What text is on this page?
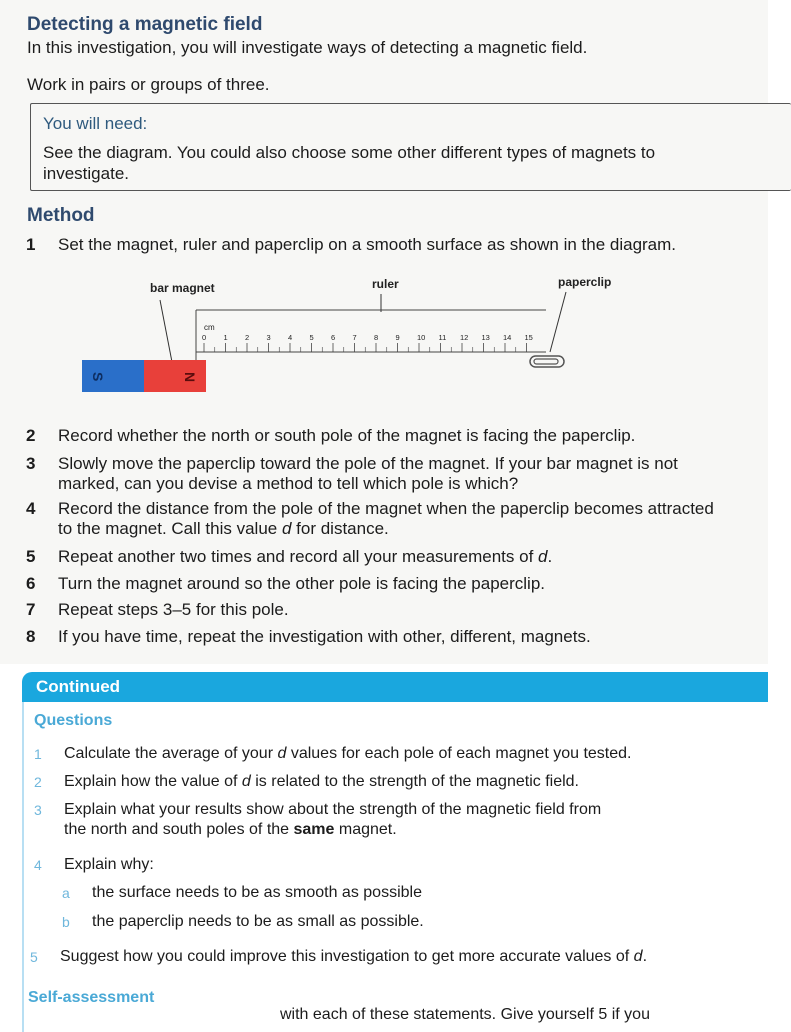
Detecting a magnetic field
In this investigation, you will investigate ways of detecting a magnetic field.
Work in pairs or groups of three.
You will need:
See the diagram. You could also choose some other different types of magnets to investigate.
Method
1	Set the magnet, ruler and paperclip on a smooth surface as shown in the diagram.
bar magnet	ruler	paperclip
cm
0 1 2 3 4 5 6 7 8 9 10 11 12 13 14 15
S	N
2	Record whether the north or south pole of the magnet is facing the paperclip.
3	Slowly move the paperclip toward the pole of the magnet. If your bar magnet is not
marked, can you devise a method to tell which pole is which?
4	Record the distance from the pole of the magnet when the paperclip becomes attracted
to the magnet. Call this value d for distance.
5	Repeat another two times and record all your measurements of d.
6	Turn the magnet around so the other pole is facing the paperclip.
7	Repeat steps 3–5 for this pole.
8	If you have time, repeat the investigation with other, different, magnets.
Continued
Questions
1 Calculate the average of your d values for each pole of each magnet you tested.
2 Explain how the value of d is related to the strength of the magnetic field.
3 Explain what your results show about the strength of the magnetic field from
the north and south poles of the same magnet.
4 Explain why:
a the surface needs to be as smooth as possible
b the paperclip needs to be as small as possible.
5 Suggest how you could improve this investigation to get more accurate values of d.
Self-assessment
with each of these statements. Give yourself 5 if you
